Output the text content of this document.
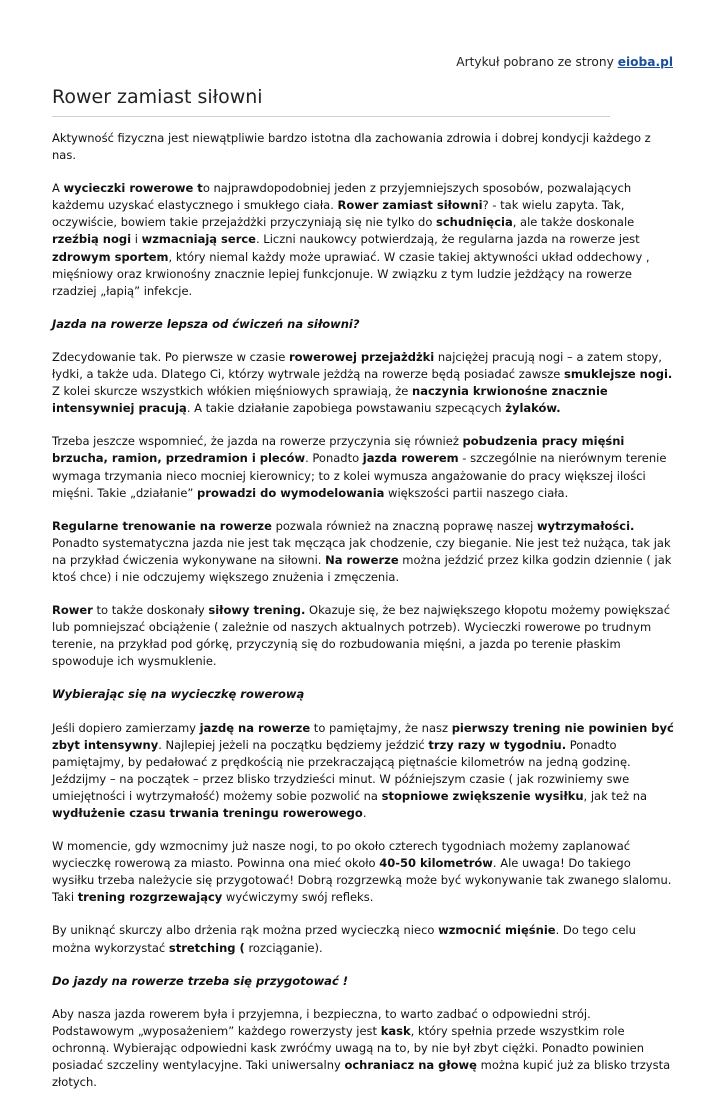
Artykuł pobrano ze strony eioba.pl
Rower zamiast siłowni

Aktywność fizyczna jest niewątpliwie bardzo istotna dla zachowania zdrowia i dobrej kondycji każdego z nas.

A wycieczki rowerowe to najprawdopodobniej jeden z przyjemniejszych sposobów, pozwalających każdemu uzyskać elastycznego i smukłego ciała. Rower zamiast siłowni? - tak wielu zapyta. Tak, oczywiście, bowiem takie przejażdżki przyczyniają się nie tylko do schudnięcia, ale także doskonale rzeźbią nogi i wzmacniają serce. Liczni naukowcy potwierdzają, że regularna jazda na rowerze jest zdrowym sportem, który niemal każdy może uprawiać. W czasie takiej aktywności układ oddechowy , mięśniowy oraz krwionośny znacznie lepiej funkcjonuje. W związku z tym ludzie jeżdżący na rowerze rzadziej „łapią” infekcje.

Jazda na rowerze lepsza od ćwiczeń na siłowni?

Zdecydowanie tak. Po pierwsze w czasie rowerowej przejażdżki najciężej pracują nogi – a zatem stopy, łydki, a także uda. Dlatego Ci, którzy wytrwale jeżdżą na rowerze będą posiadać zawsze smuklejsze nogi. Z kolei skurcze wszystkich włókien mięśniowych sprawiają, że naczynia krwionośne znacznie intensywniej pracują. A takie działanie zapobiega powstawaniu szpecących żylaków.

Trzeba jeszcze wspomnieć, że jazda na rowerze przyczynia się również pobudzenia pracy mięśni brzucha, ramion, przedramion i pleców. Ponadto jazda rowerem - szczególnie na nierównym terenie wymaga trzymania nieco mocniej kierownicy; to z kolei wymusza angażowanie do pracy większej ilości mięśni. Takie „działanie” prowadzi do wymodelowania większości partii naszego ciała.

Regularne trenowanie na rowerze pozwala również na znaczną poprawę naszej wytrzymałości. Ponadto systematyczna jazda nie jest tak męcząca jak chodzenie, czy bieganie. Nie jest też nużąca, tak jak na przykład ćwiczenia wykonywane na siłowni. Na rowerze można jeździć przez kilka godzin dziennie ( jak ktoś chce) i nie odczujemy większego znużenia i zmęczenia.

Rower to także doskonały siłowy trening. Okazuje się, że bez największego kłopotu możemy powiększać lub pomniejszać obciążenie ( zależnie od naszych aktualnych potrzeb). Wycieczki rowerowe po trudnym terenie, na przykład pod górkę, przyczynią się do rozbudowania mięśni, a jazda po terenie płaskim spowoduje ich wysmuklenie.

Wybierając się na wycieczkę rowerową

Jeśli dopiero zamierzamy jazdę na rowerze to pamiętajmy, że nasz pierwszy trening nie powinien być zbyt intensywny. Najlepiej jeżeli na początku będziemy jeździć trzy razy w tygodniu. Ponadto pamiętajmy, by pedałować z prędkością nie przekraczającą piętnaście kilometrów na jedną godzinę. Jeździjmy – na początek – przez blisko trzydzieści minut. W późniejszym czasie ( jak rozwiniemy swe umiejętności i wytrzymałość) możemy sobie pozwolić na stopniowe zwiększenie wysiłku, jak też na wydłużenie czasu trwania treningu rowerowego.

W momencie, gdy wzmocnimy już nasze nogi, to po około czterech tygodniach możemy zaplanować wycieczkę rowerową za miasto. Powinna ona mieć około 40-50 kilometrów. Ale uwaga! Do takiego wysiłku trzeba należycie się przygotować! Dobrą rozgrzewką może być wykonywanie tak zwanego slalomu. Taki trening rozgrzewający wyćwiczymy swój refleks.

By uniknąć skurczy albo drżenia rąk można przed wycieczką nieco wzmocnić mięśnie. Do tego celu można wykorzystać stretching ( rozciąganie).

Do jazdy na rowerze trzeba się przygotować !

Aby nasza jazda rowerem była i przyjemna, i bezpieczna, to warto zadbać o odpowiedni strój. Podstawowym „wyposażeniem” każdego rowerzysty jest kask, który spełnia przede wszystkim role ochronną. Wybierając odpowiedni kask zwróćmy uwagą na to, by nie był zbyt ciężki. Ponadto powinien posiadać szczeliny wentylacyjne. Taki uniwersalny ochraniacz na głowę można kupić już za blisko trzysta złotych.
